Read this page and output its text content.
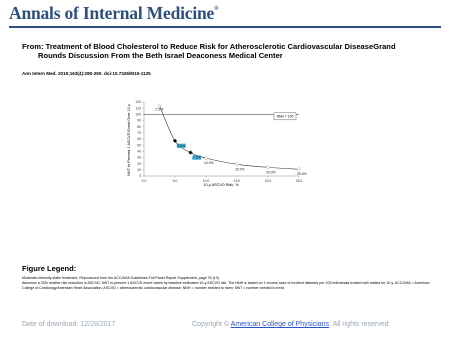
Annals of Internal Medicine®
From: Treatment of Blood Cholesterol to Reduce Risk for Atherosclerotic Cardiovascular DiseaseGrand
Rounds Discussion From the Beth Israel Deaconess Medical Center
Ann Intern Med. 2015;163(4):280-290. doi:10.7326/M15-1125
0
10
20
30
40
50
60
70
80
90
100
110
120
0.0	5.0	10.0	15.0	20.0	25.0
NNT to Prevent 1 ASCVD Event Over 10 y
10-y ASCVD Risk, %
NNH = 100
2.5%
5.0%
7.5%
10.0%
15.0%
20.0%	25.0%
Figure Legend:

Moderate-intensity statin treatment. Reproduced from the ACC/AHA Guidelines Full Panel Report Supplement, page 76 (10).

Assumes a 33% relative risk reduction in ASCVD. NNT to prevent 1 ASCVD event varies by baseline estimated 10-y ASCVD risk. The NNH is based on 1 excess case of incident diabetes per 100 individuals treated with statins for 10 y. ACC/AHA = American College of Cardiology/American Heart Association; ASCVD = atherosclerotic cardiovascular disease; NNH = number needed to harm; NNT = number needed to treat.

Date of download: 12/28/2017	Copyright © American College of Physicians. All rights reserved.
